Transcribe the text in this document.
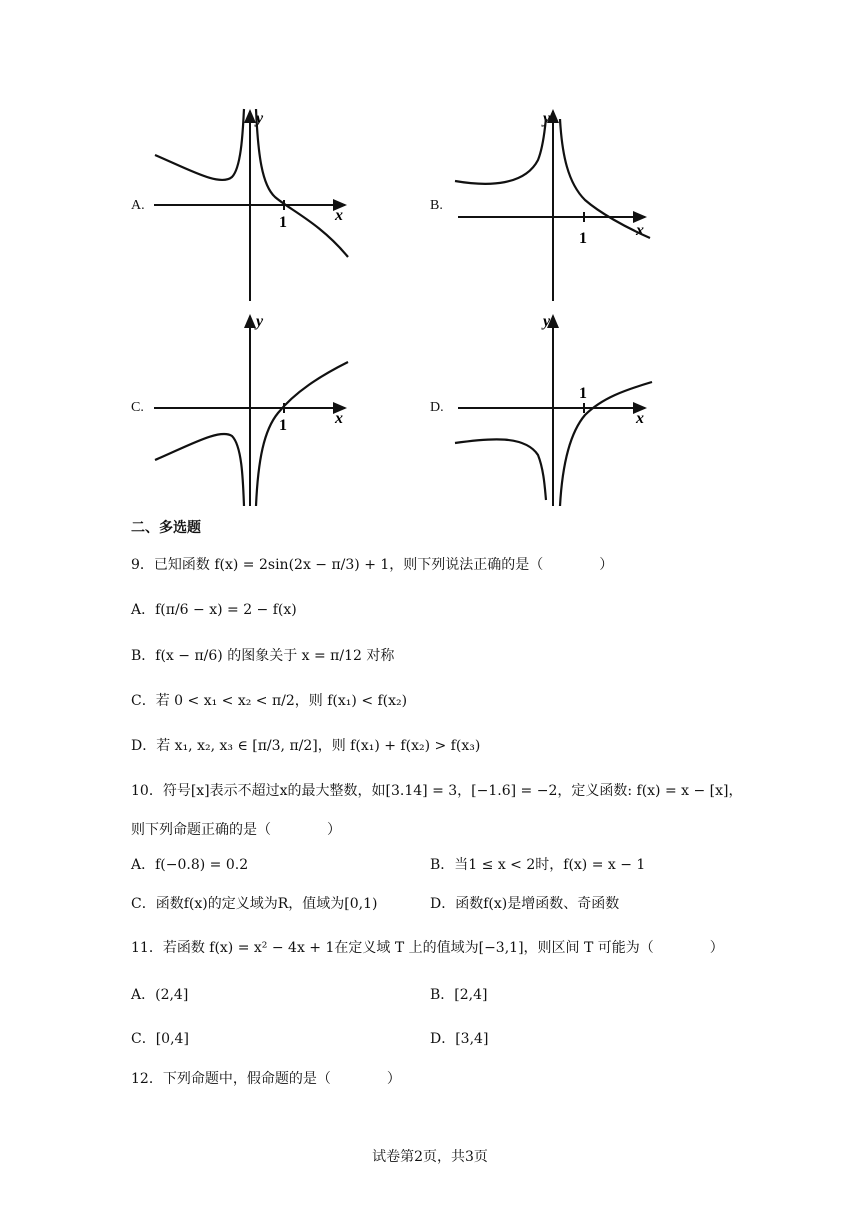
A.	B.
C.	D.
1	x
y
1	x
y
1	x
y
1
x
y
二、多选题
9．已知函数 f(x) = 2sin(2x − π/3) + 1，则下列说法正确的是（　　　　）
A．f(π/6 − x) = 2 − f(x)
B．f(x − π/6) 的图象关于 x = π/12 对称
C．若 0 < x₁ < x₂ < π/2，则 f(x₁) < f(x₂)
D．若 x₁, x₂, x₃ ∈ [π/3, π/2]，则 f(x₁) + f(x₂) > f(x₃)
10．符号[x]表示不超过x的最大整数，如[3.14] = 3，[−1.6] = −2，定义函数: f(x) = x − [x]，
则下列命题正确的是（　　　　）
A．f(−0.8) = 0.2	B．当1 ≤ x < 2时，f(x) = x − 1
C．函数f(x)的定义域为R，值域为[0,1)	D．函数f(x)是增函数、奇函数
11．若函数 f(x) = x² − 4x + 1在定义域 T 上的值域为[−3,1]，则区间 T 可能为（　　　　）
A．(2,4]	B．[2,4]
C．[0,4]	D．[3,4]
12．下列命题中，假命题的是（　　　　）
试卷第2页，共3页
